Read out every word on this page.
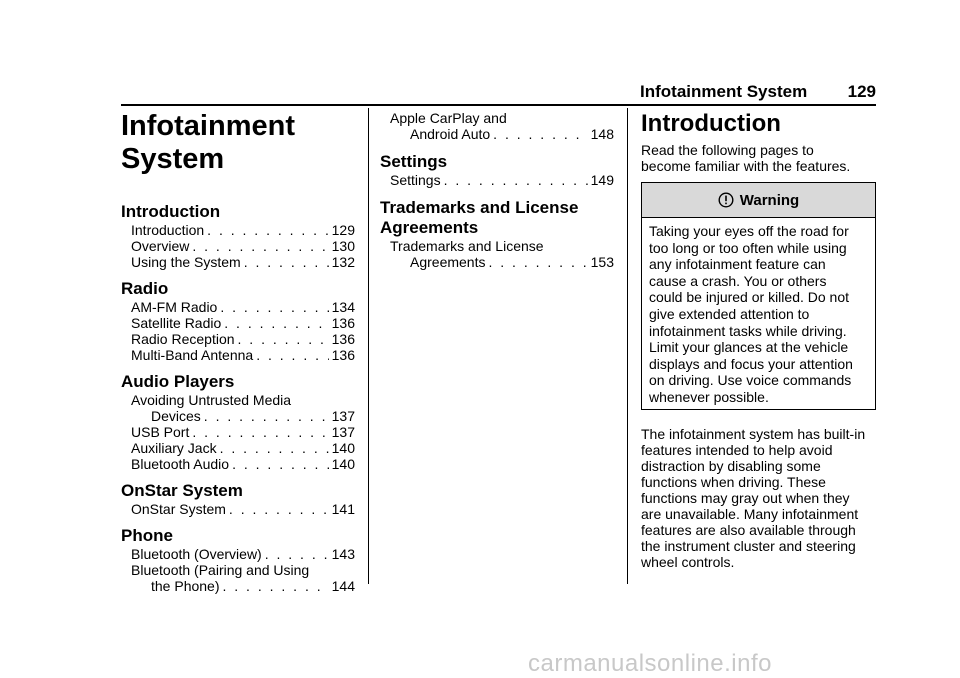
Infotainment System 129
Infotainment
System
Introduction
Introduction . . .	129
Overview . . .	130
Using the System . . .	132
Radio
AM-FM Radio . . .	134
Satellite Radio . . .	136
Radio Reception . . .	136
Multi-Band Antenna . . .	136
Audio Players
Avoiding Untrusted Media
Devices . . .	137
USB Port . . .	137
Auxiliary Jack . . .	140
Bluetooth Audio . . .	140
OnStar System
OnStar System . . .	141
Phone
Bluetooth (Overview) . . .	143
Bluetooth (Pairing and Using
the Phone) . . .	144
Apple CarPlay and
Android Auto . . .	148
Settings
Settings . . .	149
Trademarks and License
Agreements
Trademarks and License
Agreements . . .	153
Introduction

Read the following pages to
become familiar with the features.

Warning
Taking your eyes off the road for
too long or too often while using
any infotainment feature can
cause a crash. You or others
could be injured or killed. Do not
give extended attention to
infotainment tasks while driving.
Limit your glances at the vehicle
displays and focus your attention
on driving. Use voice commands
whenever possible.

The infotainment system has built-in
features intended to help avoid
distraction by disabling some
functions when driving. These
functions may gray out when they
are unavailable. Many infotainment
features are also available through
the instrument cluster and steering
wheel controls.

carmanualsonline.info
